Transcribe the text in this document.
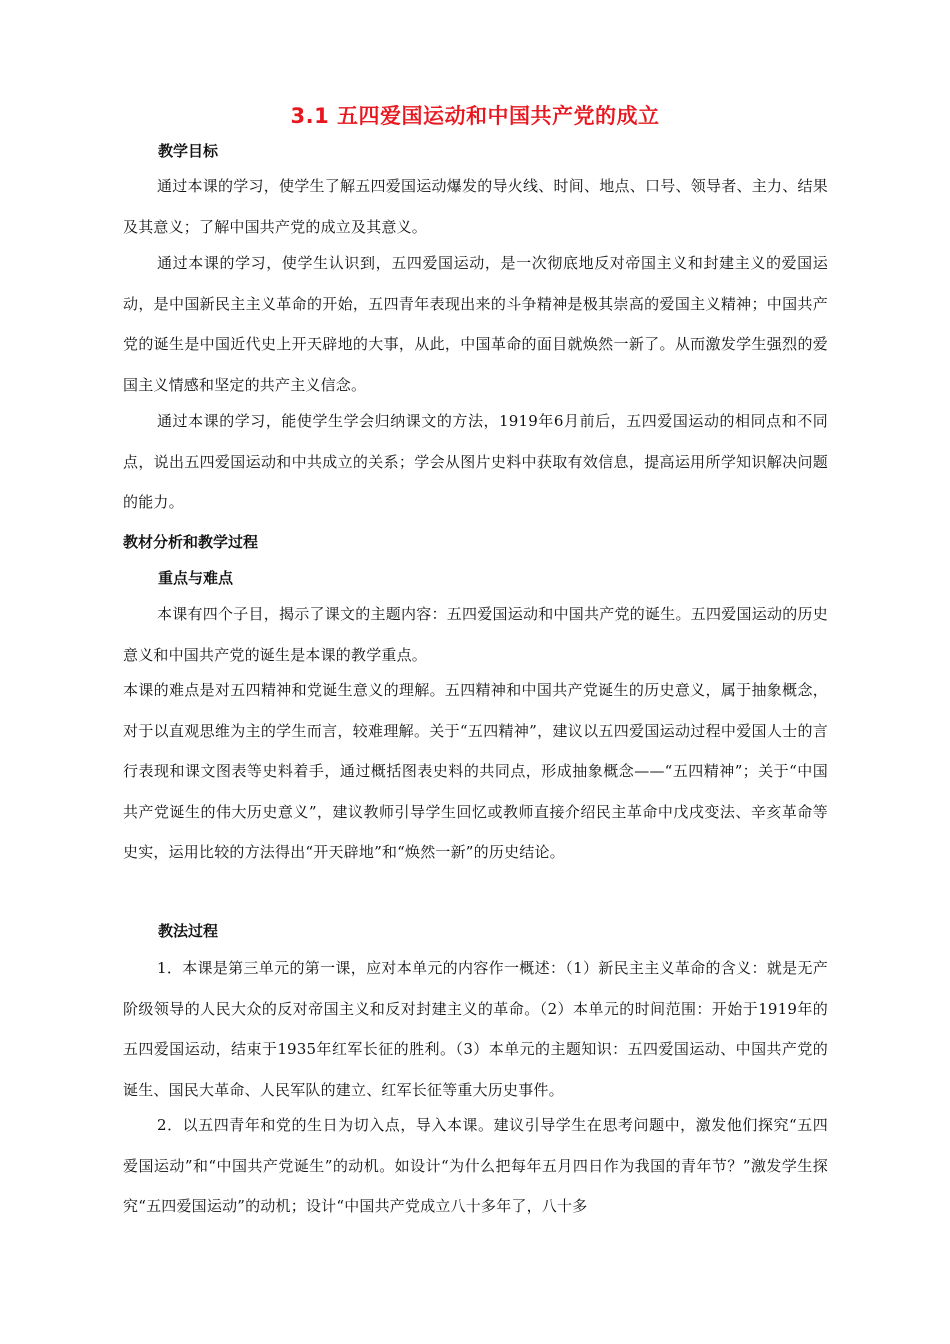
3.1 五四爱国运动和中国共产党的成立
教学目标

通过本课的学习，使学生了解五四爱国运动爆发的导火线、时间、地点、口号、领导者、主力、结果及其意义；了解中国共产党的成立及其意义。

通过本课的学习，使学生认识到，五四爱国运动，是一次彻底地反对帝国主义和封建主义的爱国运动，是中国新民主主义革命的开始，五四青年表现出来的斗争精神是极其崇高的爱国主义精神；中国共产党的诞生是中国近代史上开天辟地的大事，从此，中国革命的面目就焕然一新了。从而激发学生强烈的爱国主义情感和坚定的共产主义信念。

通过本课的学习，能使学生学会归纳课文的方法，1919年6月前后，五四爱国运动的相同点和不同点，说出五四爱国运动和中共成立的关系；学会从图片史料中获取有效信息，提高运用所学知识解决问题的能力。

教材分析和教学过程
重点与难点

本课有四个子目，揭示了课文的主题内容：五四爱国运动和中国共产党的诞生。五四爱国运动的历史意义和中国共产党的诞生是本课的教学重点。

本课的难点是对五四精神和党诞生意义的理解。五四精神和中国共产党诞生的历史意义，属于抽象概念，对于以直观思维为主的学生而言，较难理解。关于“五四精神”，建议以五四爱国运动过程中爱国人士的言行表现和课文图表等史料着手，通过概括图表史料的共同点，形成抽象概念——“五四精神”；关于“中国共产党诞生的伟大历史意义”，建议教师引导学生回忆或教师直接介绍民主革命中戊戌变法、辛亥革命等史实，运用比较的方法得出“开天辟地”和“焕然一新”的历史结论。

教法过程

1．本课是第三单元的第一课，应对本单元的内容作一概述：（1）新民主主义革命的含义：就是无产阶级领导的人民大众的反对帝国主义和反对封建主义的革命。（2）本单元的时间范围：开始于1919年的五四爱国运动，结束于1935年红军长征的胜利。（3）本单元的主题知识：五四爱国运动、中国共产党的诞生、国民大革命、人民军队的建立、红军长征等重大历史事件。

2．以五四青年和党的生日为切入点，导入本课。建议引导学生在思考问题中，激发他们探究“五四爱国运动”和“中国共产党诞生”的动机。如设计“为什么把每年五月四日作为我国的青年节？”激发学生探究“五四爱国运动”的动机；设计“中国共产党成立八十多年了，八十多
